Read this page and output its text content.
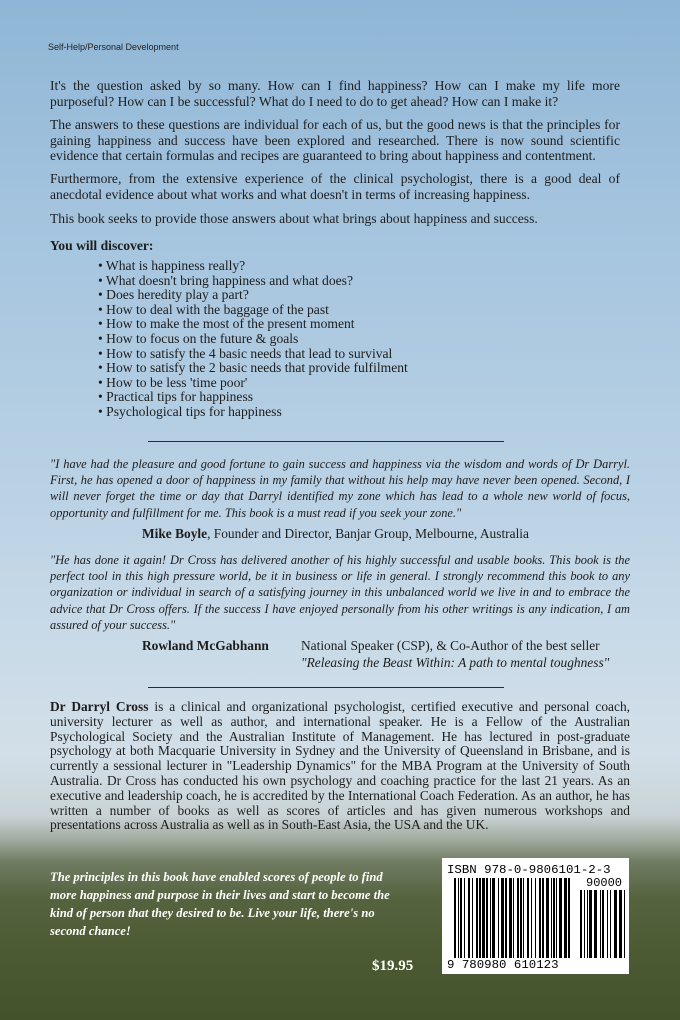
Self-Help/Personal Development

It's the question asked by so many. How can I find happiness? How can I make my life more purposeful? How can I be successful? What do I need to do to get ahead? How can I make it?

The answers to these questions are individual for each of us, but the good news is that the principles for gaining happiness and success have been explored and researched. There is now sound scientific evidence that certain formulas and recipes are guaranteed to bring about happiness and contentment.

Furthermore, from the extensive experience of the clinical psychologist, there is a good deal of anecdotal evidence about what works and what doesn't in terms of increasing happiness.

This book seeks to provide those answers about what brings about happiness and success.

You will discover:
• What is happiness really?
• What doesn't bring happiness and what does?
• Does heredity play a part?
• How to deal with the baggage of the past
• How to make the most of the present moment
• How to focus on the future & goals
• How to satisfy the 4 basic needs that lead to survival
• How to satisfy the 2 basic needs that provide fulfilment
• How to be less 'time poor'
• Practical tips for happiness
• Psychological tips for happiness

"I have had the pleasure and good fortune to gain success and happiness via the wisdom and words of Dr Darryl. First, he has opened a door of happiness in my family that without his help may have never been opened. Second, I will never forget the time or day that Darryl identified my zone which has lead to a whole new world of focus, opportunity and fulfillment for me. This book is a must read if you seek your zone."

Mike Boyle, Founder and Director, Banjar Group, Melbourne, Australia

"He has done it again! Dr Cross has delivered another of his highly successful and usable books. This book is the perfect tool in this high pressure world, be it in business or life in general. I strongly recommend this book to any organization or individual in search of a satisfying journey in this unbalanced world we live in and to embrace the advice that Dr Cross offers. If the success I have enjoyed personally from his other writings is any indication, I am assured of your success."

Rowland McGabhann National Speaker (CSP), & Co-Author of the best seller
"Releasing the Beast Within: A path to mental toughness"

Dr Darryl Cross is a clinical and organizational psychologist, certified executive and personal coach, university lecturer as well as author, and international speaker. He is a Fellow of the Australian Psychological Society and the Australian Institute of Management. He has lectured in post-graduate psychology at both Macquarie University in Sydney and the University of Queensland in Brisbane, and is currently a sessional lecturer in "Leadership Dynamics" for the MBA Program at the University of South Australia. Dr Cross has conducted his own psychology and coaching practice for the last 21 years. As an executive and leadership coach, he is accredited by the International Coach Federation. As an author, he has written a number of books as well as scores of articles and has given numerous workshops and presentations across Australia as well as in South-East Asia, the USA and the UK.

The principles in this book have enabled scores of people to find more happiness and purpose in their lives and start to become the kind of person that they desired to be. Live your life, there's no second chance!

$19.95
ISBN 978-0-9806101-2-3
90000
9 780980 610123
